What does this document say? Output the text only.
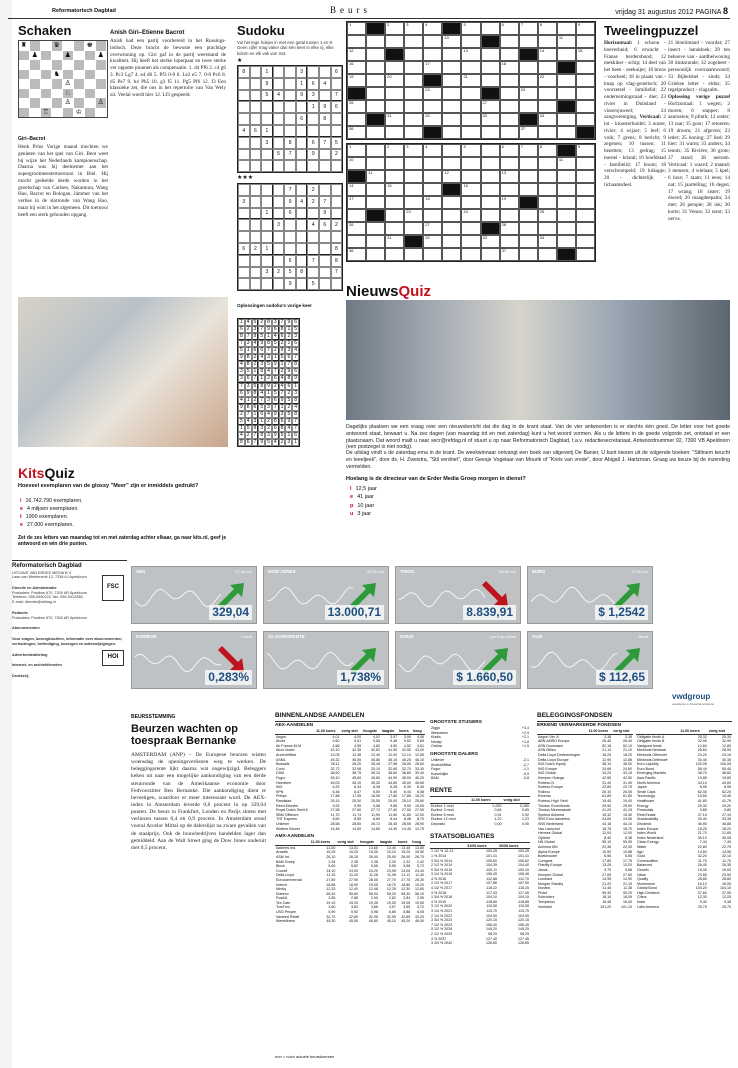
Reformatorisch Dagblad	Beurs	vrijdag 31 augustus 2012 PAGINA 8
Schaken
♜	♛	♚
♟	♟	♟
♞
♙
♘
♙	♙
♖	♔
Giri–Bacrot
Henk Prins Vorige maand mochten we genieten van het spel van Giri. Bent weet bij wijze het Nederlands kampioenschap. Daarna was hij deelnemer aan het supergrootmeestertoernooi in Biel. Hij mocht gedeelde derde worden in het gezelschap van Carlsen, Nakamura, Wang Hao, Bacrot en Bologan. Jammer van het verlies in de slotronde van Wang Hao, maar hij wint in het algemeen. Dit toernooi heeft een sterk gehouden opgang.
Anish Giri–Etienne Bacrot
Anish had een partij voorbereid in het Russings-indisch. Deze bracht de bewuste een prachtige overwinning op. Giri gaf in de partij weerstand de kwaliteit. Hij heeft het sterke loperpaar en twee sterke ver oppotte pionnen als compensatie. 1. d4 Pf6 2. c4 g6 3. Pc3 Lg7 4. e4 d6 5. Pf3 0-0 6. Le2 e5 7. 0-0 Pc6 8. d5 Pe7 9. b4 Ph5 10. g3 f5 11. Pg5 Pf6 12. f3 Een klassieke zet, die ons in het repertoire van Van Wely zit. Veelal wordt hier 12. Lf3 gespeeld.
Sudoku
Vul het lege hokjes in met een getal tussen 1 en 9. Geen cijfer mag vaker dan één keer in elke rij, elke kolom en elk vak van 3x3.
★
8	1	3	6
9	1	6	4
5	4	9	3	7
1	9	6
6	8
4	6	1
3	8	6	7	5
5	7	9	2
★★★
7	2
3	9	4	2	7
1	6	9
3	4	6	2
6	2	1	8
6	7	8
3	2	5	8	7
9	5
Oplossingen sudoku's vorige keer
1 4 5 2 8 3 7 9 6
6 2 3 7 9 6 8 1 5
8 7 9 5 1 4 6 2 3
7 3 4 9 8 5 2 1 6
5 1 6 6 7 2 9 3 4
9 8 2 4 3 1 5 6 7
4 8 2 3 5 9 1 7 8
3 5 1 8 4 7 2 9 6
3 6 7 1 2 6 4 8 9
7 3 5 8 9 2 4 6 1
6 9 8 4 1 5 7 2 3
4 1 2 7 3 6 9 5 8
9 8 6 5 3 7 1 2 4
2 7 1 6 4 9 3 5 8
5 4 3 1 2 8 6 9 7
1 5 9 3 2 6 8 4 7
4 2 7 8 3 9 5 1 6
8 6 7 9 5 4 2 3 1
1	2	3	4	5	6	7	8	9
10	11
12	13	14	15
16	17	18
19	20	21	22
23	24
26	27
31	32	33	34
36	37
1	2	3	4	5	6	7	8	9
10	11
11	12	13
14	15	16
17	18	19
23	24	25
26	27	28
31	32	33	34
36	37
Tweelingpuzzel
Horizontaal: 1 schoon - boeverheid; 6 erwacht - Franse herdersbond; 12 mekkiker - schip; 14 deel van het been - zeekuijer; 16 broos - voorheel; 18 in plaats van - knap op vlag-genetisch; 20 voorzetsel - familielid; 22 ondernemingsraad - dier; 23 rivier in Duitsland - vissersjuweel; 24 zangvereniging. Verticaal: 2 lot - kloosterbuidel; 3 onzee, rivier; 4 wijzer; 5 leef; 6 volk; 7 grens; 8 bericht; 9 zegenen; 10 tussen; 11 bezetten; 13 gedrag; 15 toestel - kristal; 16 hoofdstad - familielid; 17 boom; 18 verschrompeld; 19 luikapje; 20 - dichterlijk - lichaamsdeel.
21 bloeiimand - voordat; 27 insect - handdoek; 29 ten behoeve van - aardbeiwoning 30 dinkstunde; 32 zogeheer - persoonlijk voornaamwoord; 33 Bijbelsbel - sinds; 34 Griekse letter - eldus; 35 regelproduct - vlagzalm.
Oplossing vorige puzzel Horizontaal: 1 wegen; 2 moren; 6 stapper; 8 aanroeien; 9 plinth; 12 onder; 13 raar; 15 goor; 17 retoeren; 19 droom; 21 afgeven; 23 ieder; 25 honing; 27 lied; 29 hier; 31 warm; 33 anders; 34 tennis; 35 Rivière; 36 grote; 37 stand; 38 neeram. Verticaal: 1 waard; 2 maand; 3 mensen; 4 wielaan; 5 kpel; 6 luxe; 7 raam; 11 eens; 14 nat; 15 jaartelling; 16 degen; 17 wrang; 18 sister; 19 dwerd; 20 maagdeepalm; 24 met; 26 perspie; 28 ink; 30 korte; 31 Venus; 32 tarot; 33 oerva.
NieuwsQuiz
Dagelijks plaatsen we een vraag over een nieuwsbericht dat die dag in de krant staat. Van de vier antwoorden is er slechts één goed. De letter voor het goede antwoord staat, bewaart u. Na zes dagen (van maandag tot en met zaterdag) kunt u het woord vormen. Als u de letters in de goede volgorde zet, ontstaat er een plaatsnaam. Dat woord mailt u naar secr@refdag.nl of stuurt u op naar Reformatorisch Dagblad, t.a.v. redactiesecretariaat, Antwoordnummer 92, 7300 VB Apeldoorn (een postzegel is niet nodig).
De uitslag vindt u de zaterdag erna in de krant. De weekwinnaar ontvangt een boek van uitgeverij De Banier, U kunt kiezen uit de volgende boeken: "Stiltoem keucht en teeeljeek", door ds. H. Zweistra, "Stil verdriet", door Geesje Vogelaar-van Mourik of "Kreis van vrede", door Abigail J. Hartzman. Graag uw keuze bij de inzending vermelden.
Hoelang is de directeur van de Erder Media Groep morgen in dienst?
l 12,5 jaar
e 41 jaar
p 10 jaar
u 3 jaar
KitsQuiz
Hoeveel exemplaren van de glossy "Meer" zijn er inmiddels gedrukt?
i 16.742.790 exemplaren.
e 4 miljoen exemplaren.
t 1900 exemplaren.
e 27.000 exemplaren.
Zet de zes letters van maandag tot en met zaterdag achter elkaar, ga naar kits.nl, geef je antwoord en win drie punten.
Reformatorisch Dagblad
UITGAVE VAN ERDEE MEDIA B.V.
Laan van Westenenk 12, 7336 AJ Apeldoorn
Directie en Administratie
Postadres: Postbus 670, 7300 AR Apeldoorn
Telefoon: 055-5390222, fax: 055-5412288,
E-mail: directie@refdag.nl
Redactie
Postadres: Postbus 670, 7300 AR Apeldoorn
Abonnementen
Voor vragen, bezorgklachten, informatie over abonnementen, verhuizingen, beëindiging, bezorgen en adreswijzigingen.
Advertentieafdeling
Internet- en archiefdiensten
Drukkerij
FSC
HOI
AEX	17:45 uur
329,04
DOW JONES	22:30 uur
13.000,71
TOKIO	08:00 uur
8.839,91
EURO	17:45 uur
$ 1,2542
EURIBOR	1 mnd
0,283%
10 JAARSRENTE
1,738%
GOUD	per troy ounce
$ 1.660,50
OLIE	Brent
$ 112,65
vwdgroup
excellence in financial solutions
BEURSSTEMMING
Beurzen wachten op toespraak Bernanke
AMSTERDAM (ANP) – De Europese beurzen wisten woensdag de openingsverliezen weg te werken. De beleggingsrente lijkt daarna wat ongewijzigd. Beleggers keken uit naar een mogelijke aankondiging van een derde steunronde van de Amerikaanse economie door Fedvoorzitter Ben Bernanke. Die aankondiging dient te bevestigen, waardoor er meer interessant word. De AEX-index in Amsterdam leverde 0,8 procent in op 329,04 punten. De beurs in Frankfurt, Londen en Parijs sloten met verliezen tussen 0,4 en 0,9 procent. In Amsterdam stond vooral Arcelor Mittal op de dalerslijst na zware gevallen van de staalprijs. Ook de bouwbedrijven handelden lager dan gemiddeld. Aan de Wall Street ging de Dow Jones onderuit met 0,5 procent.
BINNENLANDSE AANDELEN
AEX-AANDELEN
	11.00 koers	vorig slot	hoogste	laagste	koers	hoog
Aegon	4,01	4,00	4,02	3,97	3,99	4,06
Ahold	9,50	9,51	9,55	9,48	9,52	9,65
Air France-KLM	4,56	4,55	4,60	4,50	4,52	4,61
Akzo Nobel	42,10	42,35	42,62	41,90	42,05	43,20
ArcelorMittal	12,05	12,38	12,40	12,00	12,10	12,55
ASML	45,32	45,50	45,86	45,10	45,25	46,10
Boskalis	28,11	28,20	28,45	27,98	28,05	28,60
Corio	32,72	32,98	33,10	32,60	32,70	33,30
DSM	38,90	38,75	39,10	38,60	38,80	39,40
Fugro	45,10	45,60	45,80	44,90	45,00	46,20
Heineken	45,03	45,10	45,30	44,80	45,00	45,65
ING	6,32	6,34	6,38	6,28	6,30	6,45
KPN	6,46	6,47	6,50	6,40	6,44	6,58
Philips	17,88	17,95	18,05	17,80	17,85	18,20
Randstad	25,15	25,30	25,55	25,00	25,10	25,80
Reed Elsevier	9,92	9,90	9,98	9,85	9,90	10,05
Royal Dutch Shell A	27,58	27,60	27,72	27,40	27,50	27,90
SBM Offshore	11,70	11,74	11,90	11,60	11,65	12,00
TNT Express	8,50	8,55	8,60	8,44	8,48	8,70
Unilever	28,58	28,60	28,72	28,45	28,55	28,90
Wolters Kluwer	14,48	14,50	14,60	14,40	14,45	14,75
AMX-AANDELEN
	11.00 koers	vorig slot	hoogste	laagste	koers	hoog
Aalberts Ind.	13,50	13,51	13,60	13,40	13,45	13,80
Arcadis	15,25	15,20	15,35	15,10	15,20	15,50
ASM Int.	26,10	26,15	26,40	25,90	26,00	26,70
BAM Groep	2,34	2,35	2,38	2,30	2,32	2,42
Binck	5,60	5,62	5,66	5,55	5,58	5,72
Crucell	24,10	24,00	24,20	23,95	24,05	24,40
Delta Lloyd	11,15	11,20	11,28	11,08	11,12	11,40
Eurocommercial	27,80	27,90	28,05	27,70	27,75	28,30
Imtech	18,88	18,90	19,05	18,70	18,80	19,20
Mediq	12,33	12,40	12,48	12,25	12,30	12,60
Nutreco	55,40	55,60	55,90	55,20	55,30	56,10
PostNL	2,85	2,88	2,90	2,82	2,84	2,95
Ten Cate	19,10	19,20	19,35	19,00	19,05	19,50
TomTom	3,60	3,62	3,66	3,57	3,59	3,72
USG People	5,90	5,92	5,98	5,85	5,88	6,05
Vastned Retail	32,70	32,80	32,95	32,55	32,65	33,20
Wereldhave	45,30	45,50	45,80	45,10	45,20	46,00
GROOTSTE STIJGERS
Ziggo	+3,4
Wessanen	+2,9
Kiadis	+2,1
Nedap	+1,8
Ordina	+1,5
GROOTSTE DALERS
Unilever	-2,1
ArcelorMittal	-2,7
Fugro	-1,1
Koninklijke	-0,9
BAM	-0,8
RENTE
	11.00 koers	vorig slot
Euribor 1 mnd	0,283	0,285
Euribor 3 mnd	0,64	0,65
Euribor 6 mnd	0,91	0,92
Euribor 12 mnd	1,22	1,23
Deposito	0,00	0,00
STAATSOBLIGATIES
	31/08 koers	30/08 koers
1 1/2 % 13-13	100,25	100,25
1 % 2014	101,41	101,41
3 3/4 % 2014	105,60	105,62
2 1/2 % 2014	104,39	104,40
0 3/4 % 2015	100,11	100,10
3 1/4 % 2015	108,45	108,46
4 % 2016	112,68	112,70
2 1/2 % 2017	107,86	107,90
4 1/2 % 2017	118,22	118,25
4 % 2018	117,43	117,45
1 3/4 % 2018	104,10	104,15
4 % 2019	118,80	118,85
3 1/2 % 2020	115,50	115,55
3 1/4 % 2021	113,70	113,75
2 1/4 % 2022	104,90	104,95
3 3/4 % 2023	120,10	120,15
7 1/2 % 2023	156,40	156,45
5 1/2 % 2028	149,20	149,25
2 1/2 % 2033	98,20	98,25
4 % 2037	127,40	127,45
3 3/4 % 2042	126,80	126,85
BELEGGINGSFONDSEN
ERKEND VERMARKERDE FONDSEN
	11.00 koers	vorig slot
Aegon Ver. A	3,38	3,38
ABN AMRO Europe	26,45	26,40
ASN Duurzaam	52,18	52,10
ASN Milieu	21,14	21,10
Delta Lloyd Deelnemingen	18,25	18,20
Delta Lloyd Europe	12,90	12,88
ING Dutch Equity	38,10	38,00
ING Europe	24,66	24,60
ING Global	33,20	33,15
Kempen Orange	42,55	42,50
Robeco N	31,44	31,40
Robeco Europe	22,80	22,75
Rolinco	26,10	26,05
Rorento	61,85	61,80
Robeco High Yield	19,45	19,40
Triodos Groenfonds	29,90	29,90
Triodos Meerwaarde	41,20	41,15
Syntrus Achmea	15,32	15,30
SNS Euro Aandelen	24,60	24,55
SNS Nederland	44,18	44,10
Van Lanschot	18,75	18,70
Hermes Global	12,04	12,00
Optimix	8,40	8,38
NN Global	55,10	55,05
Achmea Mix	22,35	22,30
Alpha Europe	10,90	10,88
Boekhouder	6,55	6,55
Comgest	17,80	17,75
Fidelity Europe	13,25	13,20
Janus	9,70	9,68
Kempen Global	27,65	27,60
Lombard	14,95	14,90
Morgan Stanley	21,20	21,15
Nordea	11,40	11,38
Pictet	95,30	95,20
Schroders	18,10	18,05
Templeton	16,45	16,40
Vontobel	101,20	101,10
	11.00 koers	vorig slot
Obligatie fonds A	25,32	25,30
Obligatie fonds B	32,95	32,90
Vastgoed fonds	12,84	12,80
Mixfonds Neutraal	28,60	28,55
Mixfonds Offensief	24,20	24,15
Mixfonds Defensief	30,40	30,35
Euro Liquidity	100,05	100,05
Euro Bond	55,44	55,40
Emerging Markets	38,70	38,60
Asia Pacific	19,85	19,80
North America	44,10	44,00
Japan	8,95	8,95
Small Caps	62,30	62,20
Technology	15,50	15,45
Healthcare	41,80	41,75
Energy	29,30	29,20
Financials	9,85	9,80
Real Estate	27,15	27,10
Sustainability	33,40	33,35
Dividend	46,90	46,85
Index Europe	18,25	18,20
Index World	21,70	21,65
Index Nederland	35,10	35,05
Clean Energy	7,44	7,40
Water	22,80	22,75
Agri	14,60	14,55
Gold	32,20	32,10
Commodities	11,75	11,70
Balanced	26,40	26,35
Growth	19,05	19,00
Value	23,55	23,50
Quality	28,85	28,80
Momentum	16,10	16,05
Global Bond	104,20	104,10
High Dividend	37,60	37,55
China	12,30	12,25
India	9,40	9,38
Latin America	25,75	25,70
nnn = noch actuele beurskoersen
